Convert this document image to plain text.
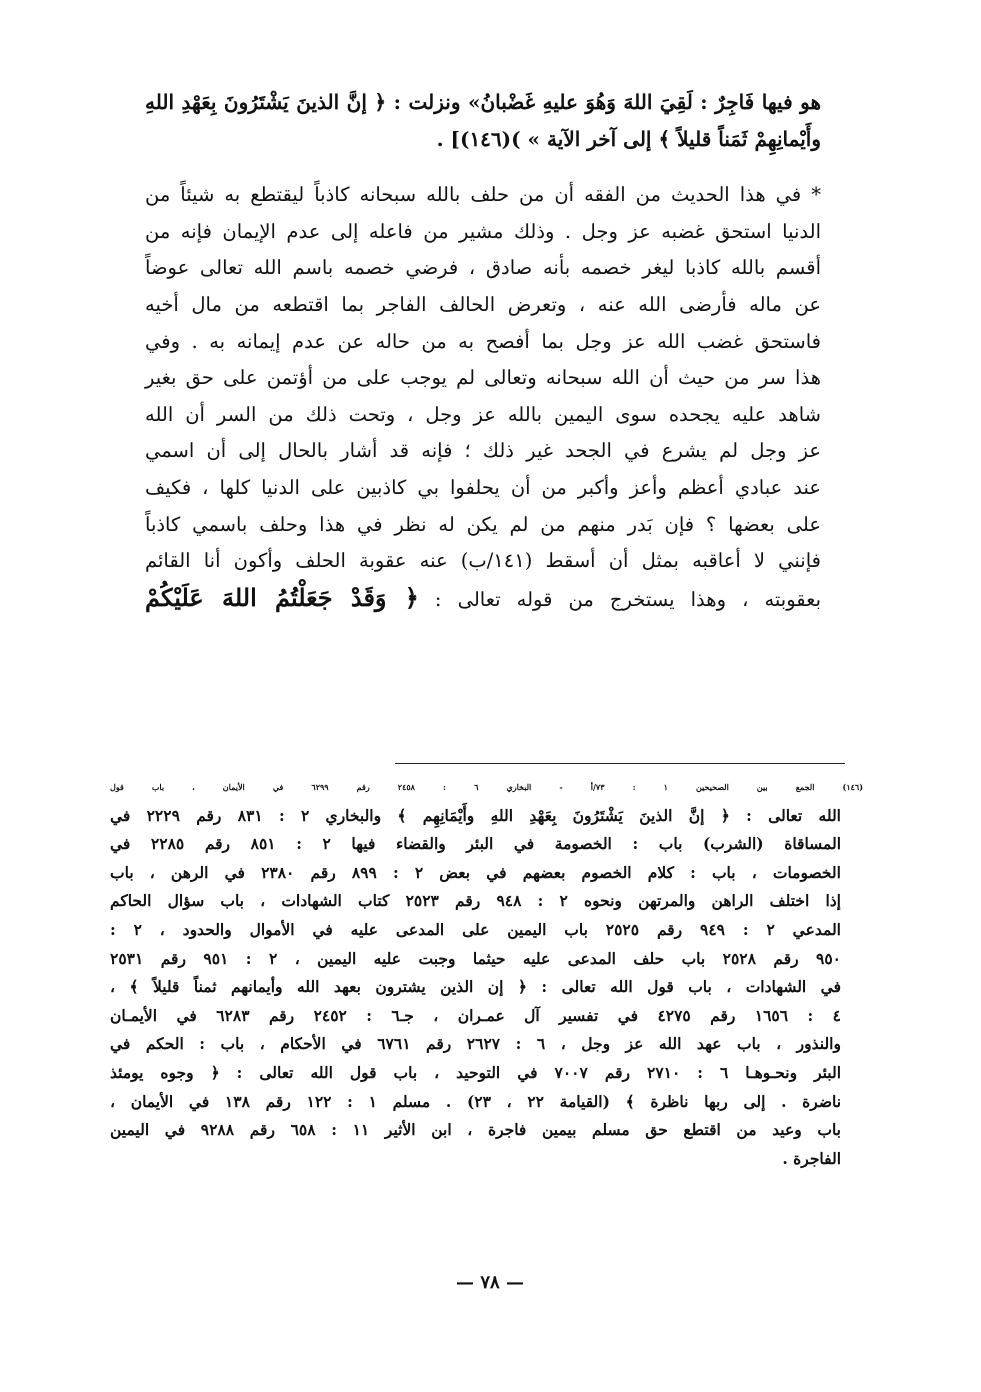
هو فيها فَاجِرٌ : لَقِيَ اللهَ وَهُوَ عليهِ غَضْبانُ» ونزلت : ﴿ إنَّ الذينَ يَشْتَرُونَ بِعَهْدِ اللهِ
وأَيْمانِهِمْ ثَمَناً قليلاً ﴾ إلى آخر الآية » )(١٤٦)] .
* في هذا الحديث من الفقه أن من حلف بالله سبحانه كاذباً ليقتطع به شيئاً من
الدنيا استحق غضبه عز وجل . وذلك مشير من فاعله إلى عدم الإيمان فإنه من
أقسم بالله كاذبا ليغر خصمه بأنه صادق ، فرضي خصمه باسم الله تعالى عوضاً
عن ماله فأرضى الله عنه ، وتعرض الحالف الفاجر بما اقتطعه من مال أخيه
فاستحق غضب الله عز وجل بما أفصح به من حاله عن عدم إيمانه به . وفي
هذا سر من حيث أن الله سبحانه وتعالى لم يوجب على من أؤتمن على حق بغير
شاهد عليه يجحده سوى اليمين بالله عز وجل ، وتحت ذلك من السر أن الله
عز وجل لم يشرع في الجحد غير ذلك ؛ فإنه قد أشار بالحال إلى أن اسمي
عند عبادي أعظم وأعز وأكبر من أن يحلفوا بي كاذبين على الدنيا كلها ، فكيف
على بعضها ؟ فإن بَدر منهم من لم يكن له نظر في هذا وحلف باسمي كاذباً
فإنني لا أعاقبه بمثل أن أسقط (١٤١/ب) عنه عقوبة الحلف وأكون أنا القائم
بعقوبته ، وهذا يستخرج من قوله تعالى : ﴿ وَقَدْ جَعَلْتُمُ اللهَ عَلَيْكُمْ
(١٤٦) الجمع بين الصحيحين ١ : ٧٣/أ - البخاري ٦ : ٢٤٥٨ رقم ٦٢٩٩ في الأيمان ، باب قول
الله تعالى : ﴿ إنَّ الذينَ يَشْتَرُونَ بِعَهْدِ اللهِ وأَيْمَانِهِم ﴾ والبخاري ٢ : ٨٣١ رقم ٢٢٢٩ في
المساقاة (الشرب) باب : الخصومة في البئر والقضاء فيها ٢ : ٨٥١ رقم ٢٢٨٥ في
الخصومات ، باب : كلام الخصوم بعضهم في بعض ٢ : ٨٩٩ رقم ٢٣٨٠ في الرهن ، باب
إذا اختلف الراهن والمرتهن ونحوه ٢ : ٩٤٨ رقم ٢٥٢٣ كتاب الشهادات ، باب سؤال الحاكم
المدعي ٢ : ٩٤٩ رقم ٢٥٢٥ باب اليمين على المدعى عليه في الأموال والحدود ، ٢ :
٩٥٠ رقم ٢٥٢٨ باب حلف المدعى عليه حيثما وجبت عليه اليمين ، ٢ : ٩٥١ رقم ٢٥٣١
في الشهادات ، باب قول الله تعالى : ﴿ إن الذين يشترون بعهد الله وأيمانهم ثمناً قليلاً ﴾ ،
٤ : ١٦٥٦ رقم ٤٢٧٥ في تفسير آل عمـران ، جـ٦ : ٢٤٥٢ رقم ٦٢٨٣ في الأيمـان
والنذور ، باب عهد الله عز وجل ، ٦ : ٢٦٢٧ رقم ٦٧٦١ في الأحكام ، باب : الحكم في
البئر ونحـوهـا ٦ : ٢٧١٠ رقم ٧٠٠٧ في التوحيد ، باب قول الله تعالى : ﴿ وجوه يومئذ
ناضرة . إلى ربها ناظرة ﴾ (القيامة ٢٢ ، ٢٣) . مسلم ١ : ١٢٢ رقم ١٣٨ في الأيمان ،
باب وعيد من اقتطع حق مسلم بيمين فاجرة ، ابن الأثير ١١ : ٦٥٨ رقم ٩٢٨٨ في اليمين
الفاجرة .
— ٧٨ —
